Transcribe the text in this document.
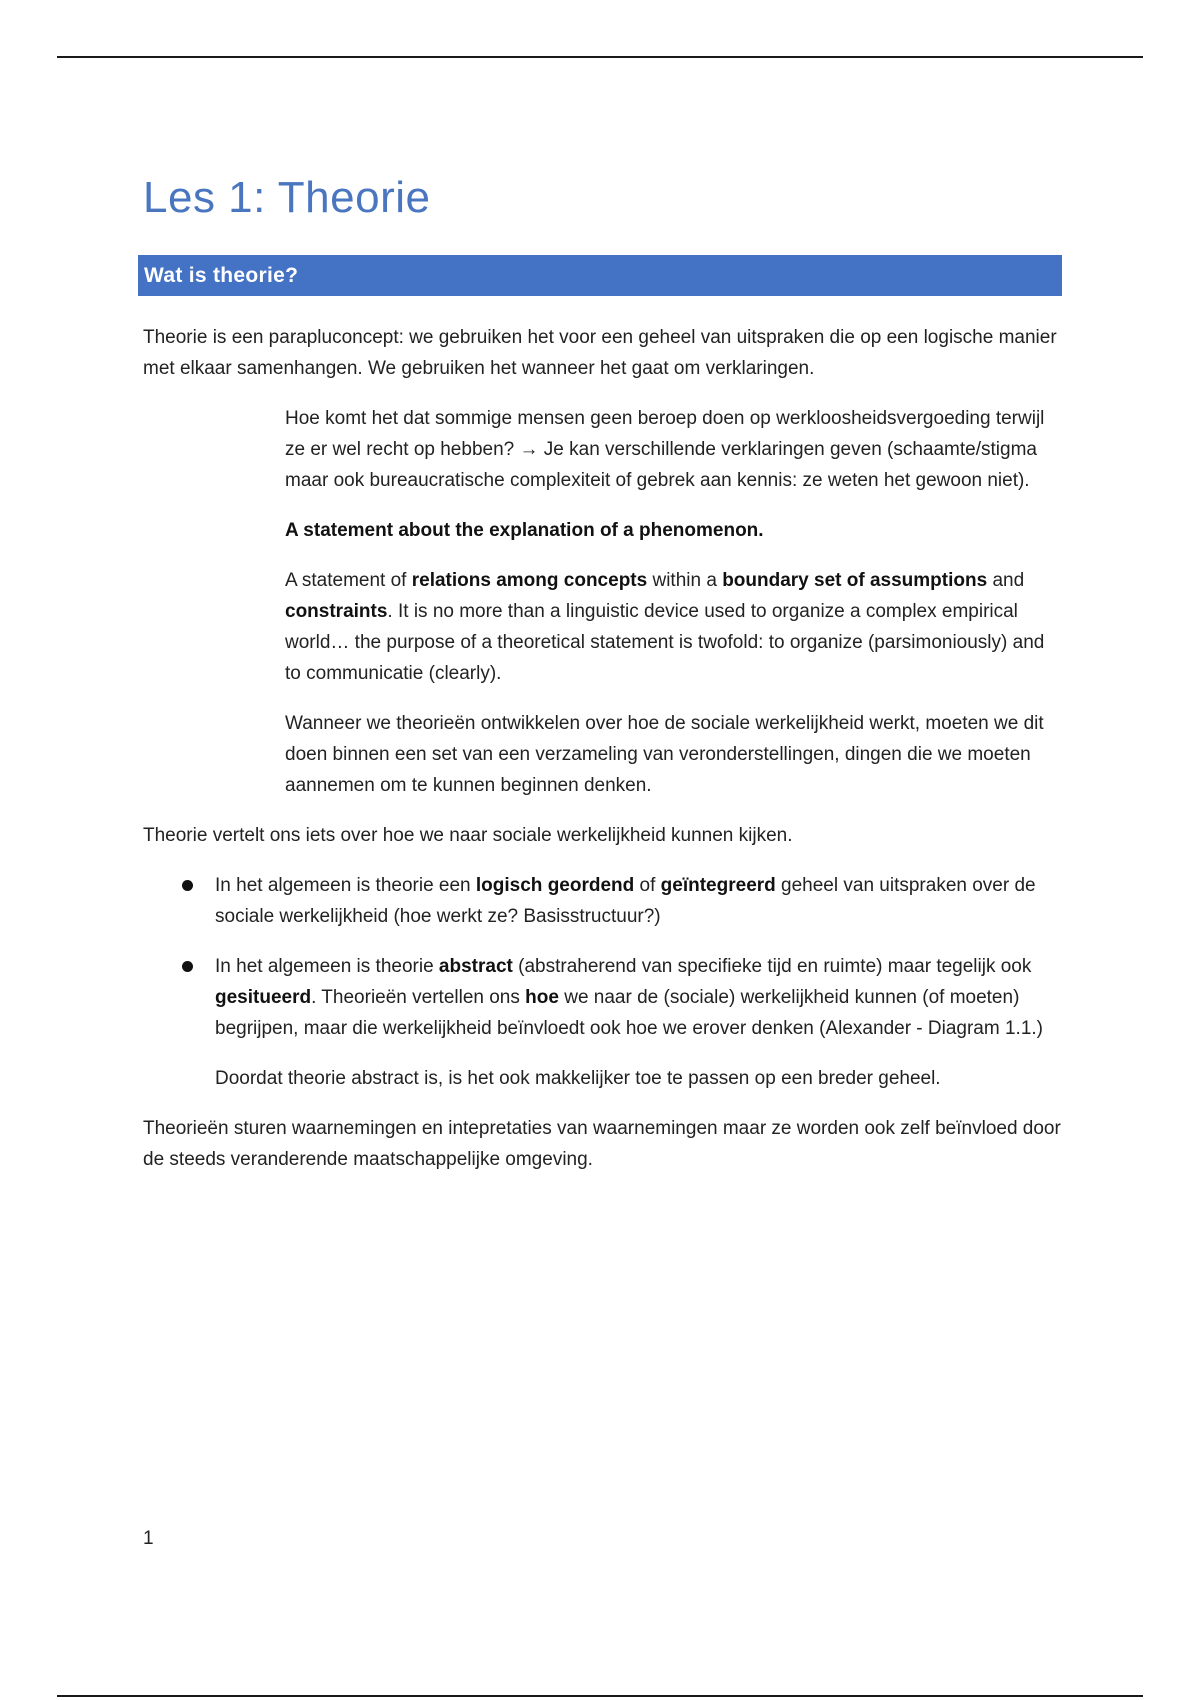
Les 1: Theorie
Wat is theorie?

Theorie is een parapluconcept: we gebruiken het voor een geheel van uitspraken die op een logische manier met elkaar samenhangen. We gebruiken het wanneer het gaat om verklaringen.

Hoe komt het dat sommige mensen geen beroep doen op werkloosheidsvergoeding terwijl ze er wel recht op hebben? → Je kan verschillende verklaringen geven (schaamte/stigma maar ook bureaucratische complexiteit of gebrek aan kennis: ze weten het gewoon niet).

A statement about the explanation of a phenomenon.

A statement of relations among concepts within a boundary set of assumptions and constraints. It is no more than a linguistic device used to organize a complex empirical world… the purpose of a theoretical statement is twofold: to organize (parsimoniously) and to communicatie (clearly).

Wanneer we theorieën ontwikkelen over hoe de sociale werkelijkheid werkt, moeten we dit doen binnen een set van een verzameling van veronderstellingen, dingen die we moeten aannemen om te kunnen beginnen denken.

Theorie vertelt ons iets over hoe we naar sociale werkelijkheid kunnen kijken.

In het algemeen is theorie een logisch geordend of geïntegreerd geheel van uitspraken over de sociale werkelijkheid (hoe werkt ze? Basisstructuur?)
In het algemeen is theorie abstract (abstraherend van specifieke tijd en ruimte) maar tegelijk ook gesitueerd. Theorieën vertellen ons hoe we naar de (sociale) werkelijkheid kunnen (of moeten) begrijpen, maar die werkelijkheid beïnvloedt ook hoe we erover denken (Alexander - Diagram 1.1.)

Doordat theorie abstract is, is het ook makkelijker toe te passen op een breder geheel.

Theorieën sturen waarnemingen en intepretaties van waarnemingen maar ze worden ook zelf beïnvloed door de steeds veranderende maatschappelijke omgeving.

1
